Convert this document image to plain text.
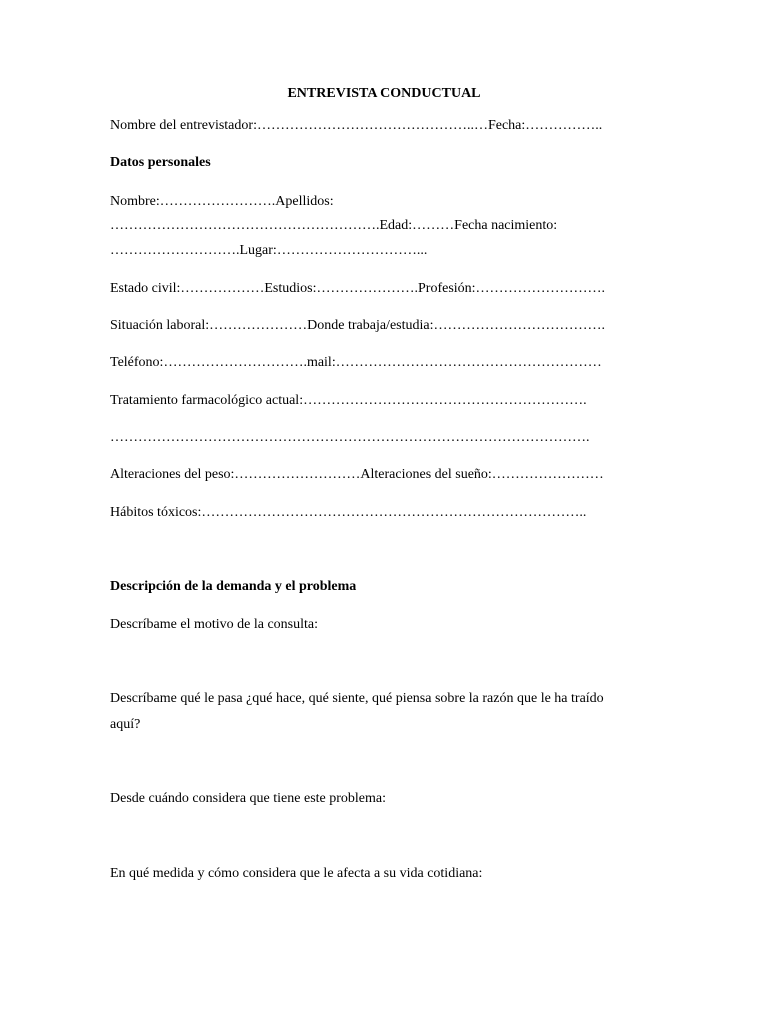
ENTREVISTA CONDUCTUAL
Nombre del entrevistador:………………………………………..…Fecha:……………..
Datos personales
Nombre:…………………….Apellidos:
………………………………………………….Edad:………Fecha nacimiento:
……………………….Lugar:…………………………...
Estado civil:………………Estudios:………………….Profesión:……………………….
Situación laboral:…………………Donde trabaja/estudia:……………………………….
Teléfono:………………………….mail:…………………………………………………
Tratamiento farmacológico actual:…………………………………………………….
………………………………………………………………………………………….
Alteraciones del peso:………………………Alteraciones del sueño:……………………
Hábitos tóxicos:………………………………………………………………………..
Descripción de la demanda y el problema
Descríbame el motivo de la consulta:
Descríbame qué le pasa ¿qué hace, qué siente, qué piensa sobre la razón que le ha traído
aquí?
Desde cuándo considera que tiene este problema:
En qué medida y cómo considera que le afecta a su vida cotidiana:
